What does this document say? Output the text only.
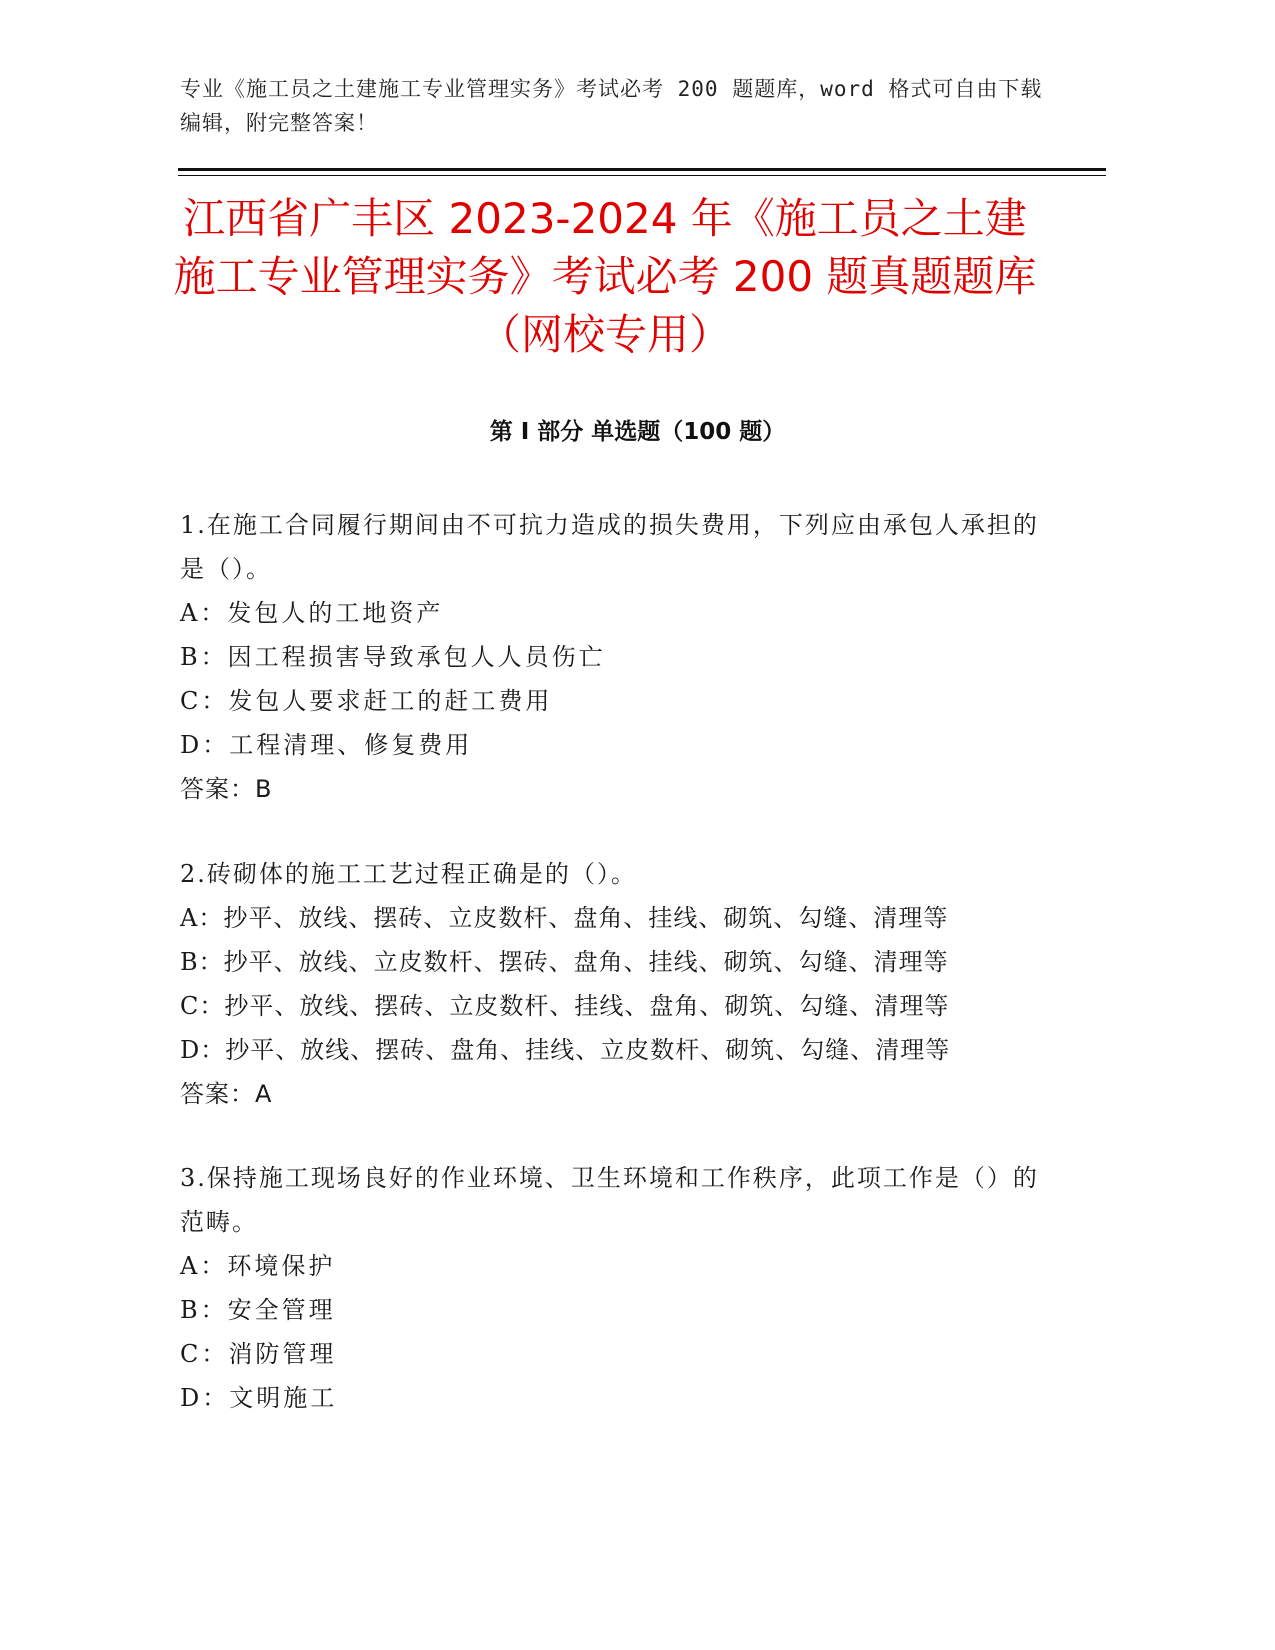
专业《施工员之土建施工专业管理实务》考试必考 200 题题库，word 格式可自由下载编辑，附完整答案！
江西省广丰区 2023-2024 年《施工员之土建施工专业管理实务》考试必考 200 题真题题库（网校专用）
第 I 部分 单选题（100 题）
1.在施工合同履行期间由不可抗力造成的损失费用，下列应由承包人承担的是（）。
A：发包人的工地资产
B：因工程损害导致承包人人员伤亡
C：发包人要求赶工的赶工费用
D：工程清理、修复费用
答案：B
2.砖砌体的施工工艺过程正确是的（）。
A：抄平、放线、摆砖、立皮数杆、盘角、挂线、砌筑、勾缝、清理等
B：抄平、放线、立皮数杆、摆砖、盘角、挂线、砌筑、勾缝、清理等
C：抄平、放线、摆砖、立皮数杆、挂线、盘角、砌筑、勾缝、清理等
D：抄平、放线、摆砖、盘角、挂线、立皮数杆、砌筑、勾缝、清理等
答案：A
3.保持施工现场良好的作业环境、卫生环境和工作秩序，此项工作是（）的范畴。
A：环境保护
B：安全管理
C：消防管理
D：文明施工
